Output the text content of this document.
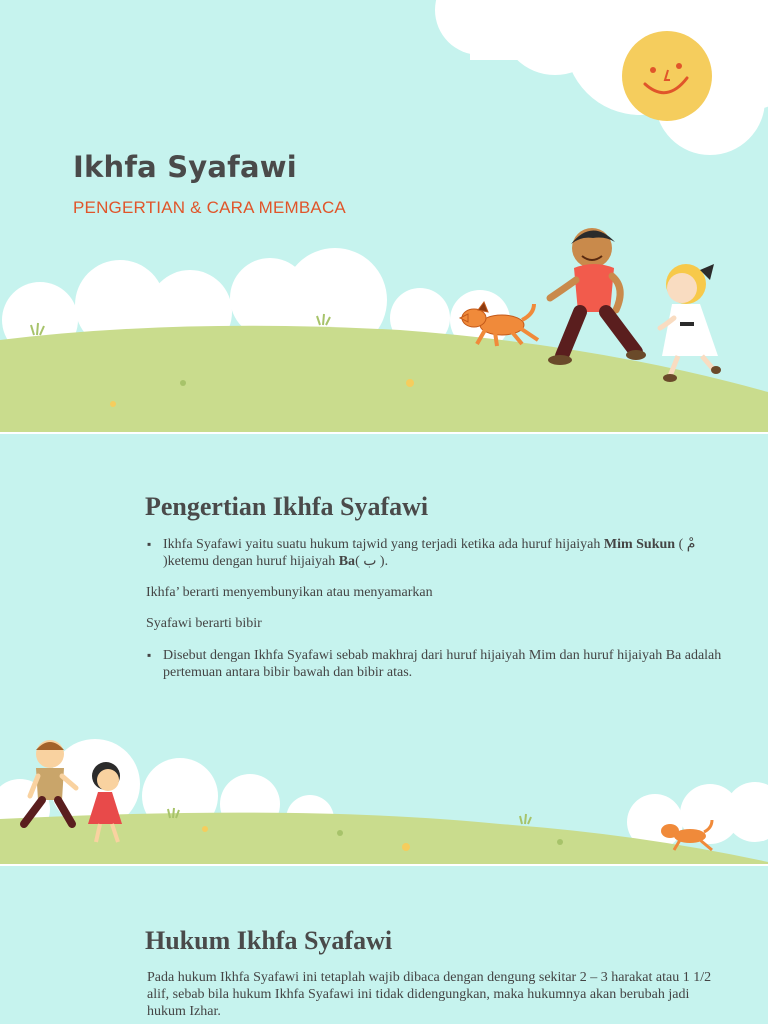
Ikhfa Syafawi

PENGERTIAN & CARA MEMBACA

Pengertian Ikhfa Syafawi

▪ Ikhfa Syafawi yaitu suatu hukum tajwid yang terjadi ketika ada huruf hijaiyah Mim Sukun ( مْ )ketemu dengan huruf hijaiyah Ba( ب ).

Ikhfa’ berarti menyembunyikan atau menyamarkan

Syafawi berarti bibir

▪ Disebut dengan Ikhfa Syafawi sebab makhraj dari huruf hijaiyah Mim dan huruf hijaiyah Ba adalah pertemuan antara bibir bawah dan bibir atas.

Hukum Ikhfa Syafawi

Pada hukum Ikhfa Syafawi ini tetaplah wajib dibaca dengan dengung sekitar 2 – 3 harakat atau 1 1/2 alif, sebab bila hukum Ikhfa Syafawi ini tidak didengungkan, maka hukumnya akan berubah jadi hukum Izhar.
